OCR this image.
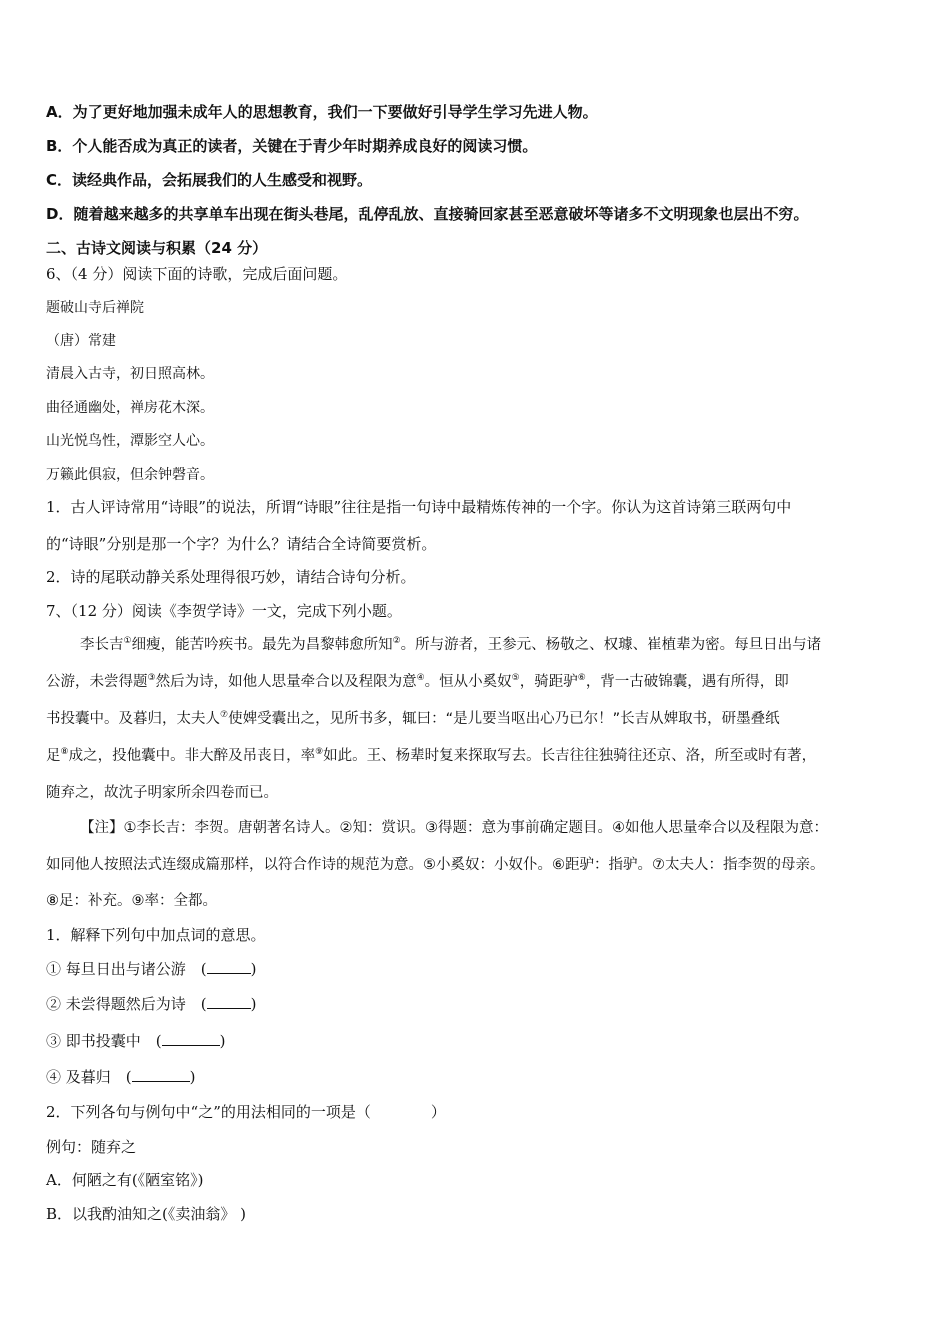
A．为了更好地加强未成年人的思想教育，我们一下要做好引导学生学习先进人物。
B．个人能否成为真正的读者，关键在于青少年时期养成良好的阅读习惯。
C．读经典作品，会拓展我们的人生感受和视野。
D．随着越来越多的共享单车出现在街头巷尾，乱停乱放、直接骑回家甚至恶意破坏等诸多不文明现象也层出不穷。
二、古诗文阅读与积累（24 分）
6、（4 分）阅读下面的诗歌，完成后面问题。
题破山寺后禅院
（唐）常建
清晨入古寺，初日照高林。
曲径通幽处，禅房花木深。
山光悦鸟性，潭影空人心。
万籁此俱寂，但余钟磬音。
1．古人评诗常用“诗眼”的说法，所谓“诗眼”往往是指一句诗中最精炼传神的一个字。你认为这首诗第三联两句中
的“诗眼”分别是那一个字？为什么？请结合全诗简要赏析。
2．诗的尾联动静关系处理得很巧妙，请结合诗句分析。
7、（12 分）阅读《李贺学诗》一文，完成下列小题。
李长吉①细瘦，能苦吟疾书。最先为昌黎韩愈所知②。所与游者，王参元、杨敬之、权璩、崔植辈为密。每旦日出与诸
公游，未尝得题③然后为诗，如他人思量牵合以及程限为意④。恒从小奚奴⑤，骑距驴⑥，背一古破锦囊，遇有所得，即
书投囊中。及暮归，太夫人⑦使婢受囊出之，见所书多，辄曰：“是儿要当呕出心乃已尔！”长吉从婢取书，研墨叠纸
足⑧成之，投他囊中。非大醉及吊丧日，率⑨如此。王、杨辈时复来探取写去。长吉往往独骑往还京、洛，所至或时有著，
随弃之，故沈子明家所余四卷而已。
【注】①李长吉：李贺。唐朝著名诗人。②知：赏识。③得题：意为事前确定题目。④如他人思量牵合以及程限为意：
如同他人按照法式连缀成篇那样，以符合作诗的规范为意。⑤小奚奴：小奴仆。⑥距驴：指驴。⑦太夫人：指李贺的母亲。
⑧足：补充。⑨率：全都。
1．解释下列句中加点词的意思。
① 每旦日出与诸公游　(	)
② 未尝得题然后为诗　(	)
③ 即书投囊中　(	)
④ 及暮归　(	)
2．下列各句与例句中“之”的用法相同的一项是（　　　　）
例句：随弃之
A．何陋之有(《陋室铭》)
B．以我酌油知之(《卖油翁》 )
